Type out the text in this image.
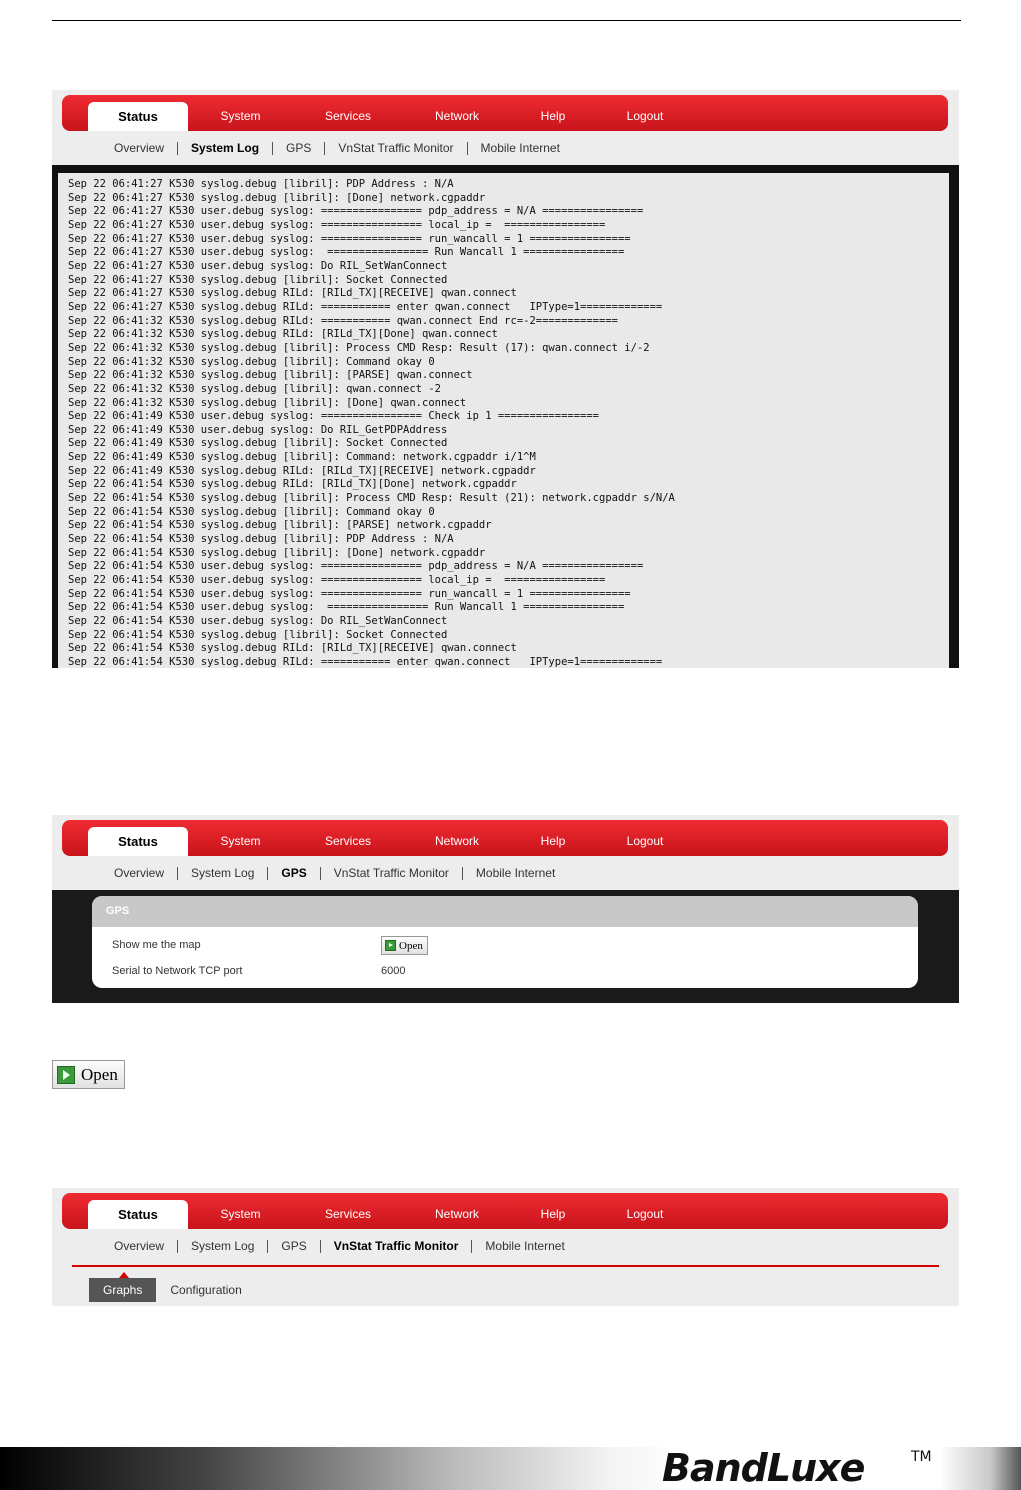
Status	System	Services	Network	Help	Logout
Overview	System Log	GPS	VnStat Traffic Monitor	Mobile Internet
Sep 22 06:41:27 K530 syslog.debug [libril]: PDP Address : N/A
Sep 22 06:41:27 K530 syslog.debug [libril]: [Done] network.cgpaddr
Sep 22 06:41:27 K530 user.debug syslog: ================ pdp_address = N/A ================
Sep 22 06:41:27 K530 user.debug syslog: ================ local_ip =  ================
Sep 22 06:41:27 K530 user.debug syslog: ================ run_wancall = 1 ================
Sep 22 06:41:27 K530 user.debug syslog:  ================ Run Wancall 1 ================
Sep 22 06:41:27 K530 user.debug syslog: Do RIL_SetWanConnect
Sep 22 06:41:27 K530 syslog.debug [libril]: Socket Connected
Sep 22 06:41:27 K530 syslog.debug RILd: [RILd_TX][RECEIVE] qwan.connect
Sep 22 06:41:27 K530 syslog.debug RILd: =========== enter qwan.connect   IPType=1=============
Sep 22 06:41:32 K530 syslog.debug RILd: =========== qwan.connect End rc=-2=============
Sep 22 06:41:32 K530 syslog.debug RILd: [RILd_TX][Done] qwan.connect
Sep 22 06:41:32 K530 syslog.debug [libril]: Process CMD Resp: Result (17): qwan.connect i/-2
Sep 22 06:41:32 K530 syslog.debug [libril]: Command okay 0
Sep 22 06:41:32 K530 syslog.debug [libril]: [PARSE] qwan.connect
Sep 22 06:41:32 K530 syslog.debug [libril]: qwan.connect -2
Sep 22 06:41:32 K530 syslog.debug [libril]: [Done] qwan.connect
Sep 22 06:41:49 K530 user.debug syslog: ================ Check ip 1 ================
Sep 22 06:41:49 K530 user.debug syslog: Do RIL_GetPDPAddress
Sep 22 06:41:49 K530 syslog.debug [libril]: Socket Connected
Sep 22 06:41:49 K530 syslog.debug [libril]: Command: network.cgpaddr i/1^M
Sep 22 06:41:49 K530 syslog.debug RILd: [RILd_TX][RECEIVE] network.cgpaddr
Sep 22 06:41:54 K530 syslog.debug RILd: [RILd_TX][Done] network.cgpaddr
Sep 22 06:41:54 K530 syslog.debug [libril]: Process CMD Resp: Result (21): network.cgpaddr s/N/A
Sep 22 06:41:54 K530 syslog.debug [libril]: Command okay 0
Sep 22 06:41:54 K530 syslog.debug [libril]: [PARSE] network.cgpaddr
Sep 22 06:41:54 K530 syslog.debug [libril]: PDP Address : N/A
Sep 22 06:41:54 K530 syslog.debug [libril]: [Done] network.cgpaddr
Sep 22 06:41:54 K530 user.debug syslog: ================ pdp_address = N/A ================
Sep 22 06:41:54 K530 user.debug syslog: ================ local_ip =  ================
Sep 22 06:41:54 K530 user.debug syslog: ================ run_wancall = 1 ================
Sep 22 06:41:54 K530 user.debug syslog:  ================ Run Wancall 1 ================
Sep 22 06:41:54 K530 user.debug syslog: Do RIL_SetWanConnect
Sep 22 06:41:54 K530 syslog.debug [libril]: Socket Connected
Sep 22 06:41:54 K530 syslog.debug RILd: [RILd_TX][RECEIVE] qwan.connect
Sep 22 06:41:54 K530 syslog.debug RILd: =========== enter qwan.connect   IPType=1=============
Status	System	Services	Network	Help	Logout
Overview	System Log	GPS	VnStat Traffic Monitor	Mobile Internet
GPS
Show me the map	Open
Serial to Network TCP port	6000
Open
Status	System	Services	Network	Help	Logout
Overview	System Log	GPS	VnStat Traffic Monitor	Mobile Internet
Graphs	Configuration
BandLuxe	TM
